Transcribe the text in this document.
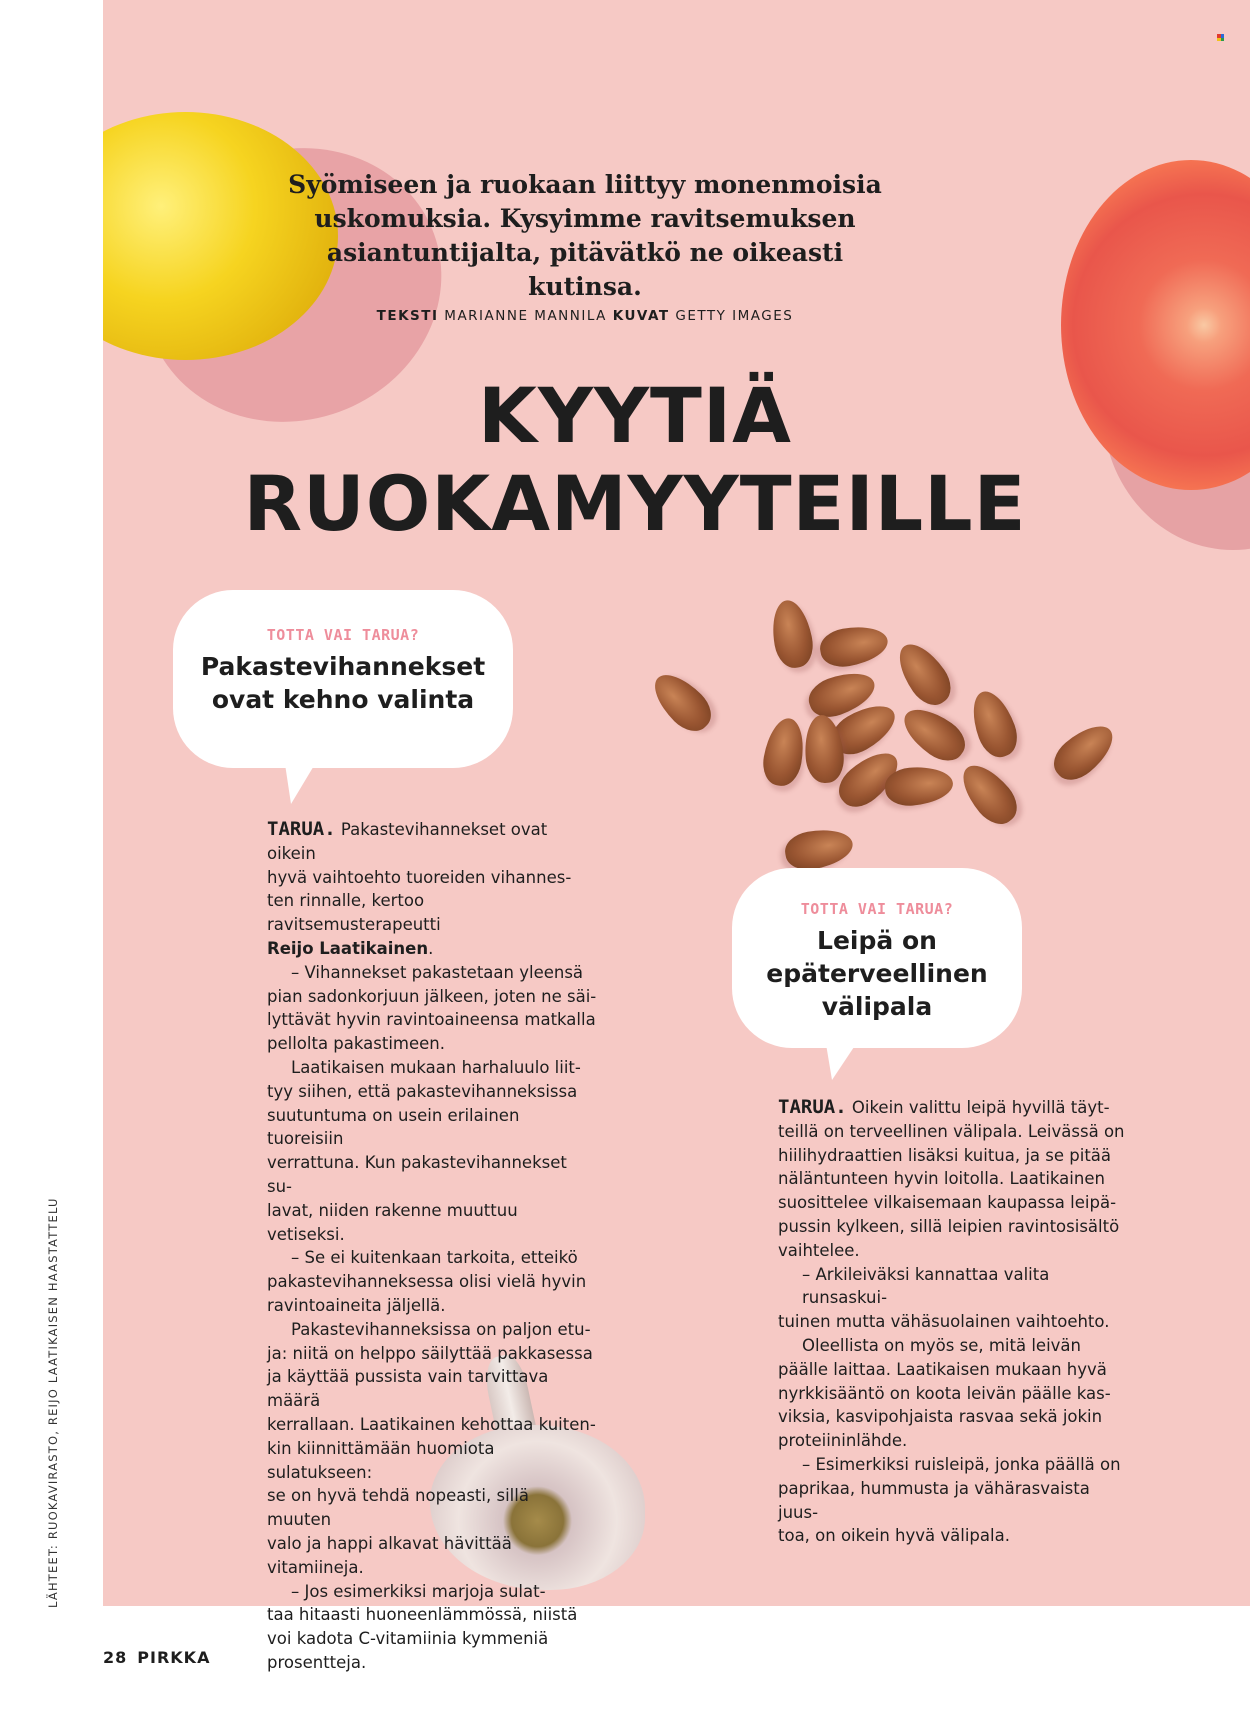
Syömiseen ja ruokaan liittyy monenmoisia uskomuksia. Kysyimme ravitsemuksen asiantuntijalta, pitävätkö ne oikeasti kutinsa.
TEKSTI MARIANNE MANNILA KUVAT GETTY IMAGES
KYYTIÄ
RUOKAMYYTEILLE
TOTTA VAI TARUA?
Pakastevihannekset
ovat kehno valinta
TOTTA VAI TARUA?
Leipä on
epäterveellinen
välipala
TARUA. Pakastevihannekset ovat oikein
hyvä vaihtoehto tuoreiden vihannes-
ten rinnalle, kertoo ravitsemusterapeutti
Reijo Laatikainen.
– Vihannekset pakastetaan yleensä
pian sadonkorjuun jälkeen, joten ne säi-
lyttävät hyvin ravintoaineensa matkalla
pellolta pakastimeen.
Laatikaisen mukaan harhaluulo liit-
tyy siihen, että pakastevihanneksissa
suutuntuma on usein erilainen tuoreisiin
verrattuna. Kun pakastevihannekset su-
lavat, niiden rakenne muuttuu vetiseksi.
– Se ei kuitenkaan tarkoita, etteikö
pakastevihanneksessa olisi vielä hyvin
ravintoaineita jäljellä.
Pakastevihanneksissa on paljon etu-
ja: niitä on helppo säilyttää pakkasessa
ja käyttää pussista vain tarvittava määrä
kerrallaan. Laatikainen kehottaa kuiten-
kin kiinnittämään huomiota sulatukseen:
se on hyvä tehdä nopeasti, sillä muuten
valo ja happi alkavat hävittää vitamiineja.
– Jos esimerkiksi marjoja sulat-
taa hitaasti huoneenlämmössä, niistä
voi kadota C-vitamiinia kymmeniä
prosentteja.
TARUA. Oikein valittu leipä hyvillä täyt-
teillä on terveellinen välipala. Leivässä on
hiilihydraattien lisäksi kuitua, ja se pitää
näläntunteen hyvin loitolla. Laatikainen
suosittelee vilkaisemaan kaupassa leipä-
pussin kylkeen, sillä leipien ravintosisältö
vaihtelee.
– Arkileiväksi kannattaa valita runsaskui-
tuinen mutta vähäsuolainen vaihtoehto.
Oleellista on myös se, mitä leivän
päälle laittaa. Laatikaisen mukaan hyvä
nyrkkisääntö on koota leivän päälle kas-
viksia, kasvipohjaista rasvaa sekä jokin
proteiininlähde.
– Esimerkiksi ruisleipä, jonka päällä on
paprikaa, hummusta ja vähärasvaista juus-
toa, on oikein hyvä välipala.
LÄHTEET: RUOKAVIRASTO, REIJO LAATIKAISEN HAASTATTELU
28 PIRKKA
